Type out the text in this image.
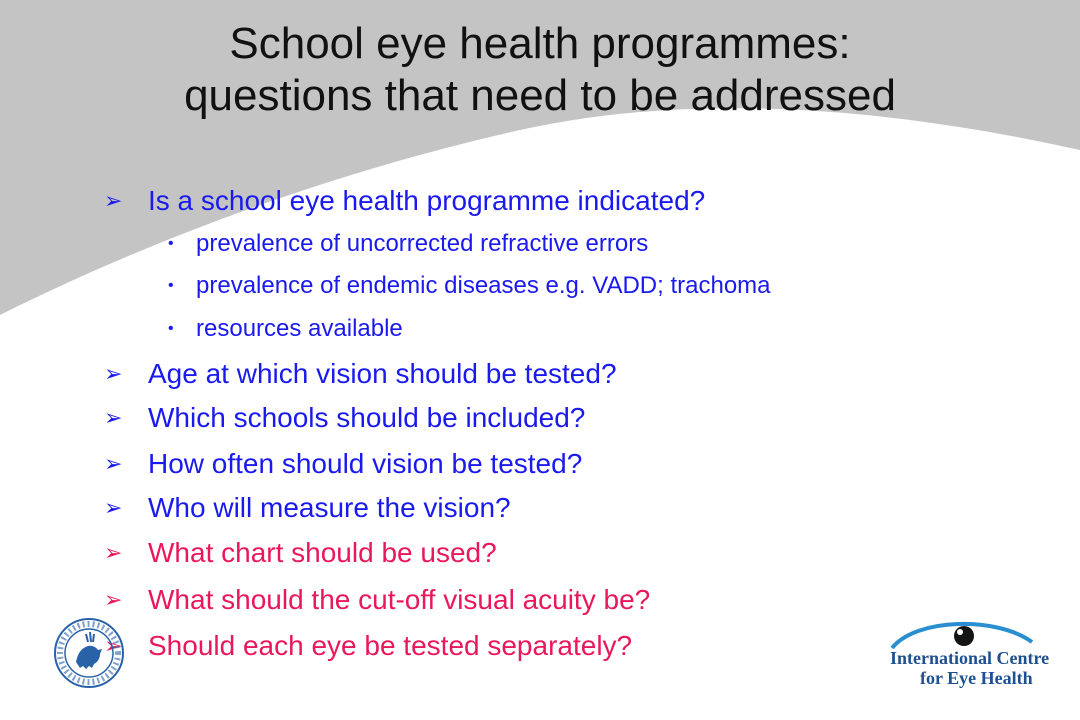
School eye health programmes:
questions that need to be addressed
➢ Is a school eye health programme indicated?
• prevalence of uncorrected refractive errors
• prevalence of endemic diseases e.g. VADD; trachoma
• resources available
➢ Age at which vision should be tested?
➢ Which schools should be included?
➢ How often should vision be tested?
➢ Who will measure the vision?
➢ What chart should be used?
➢ What should the cut-off visual acuity be?
➢ Should each eye be tested separately?	International Centre
for Eye Health
